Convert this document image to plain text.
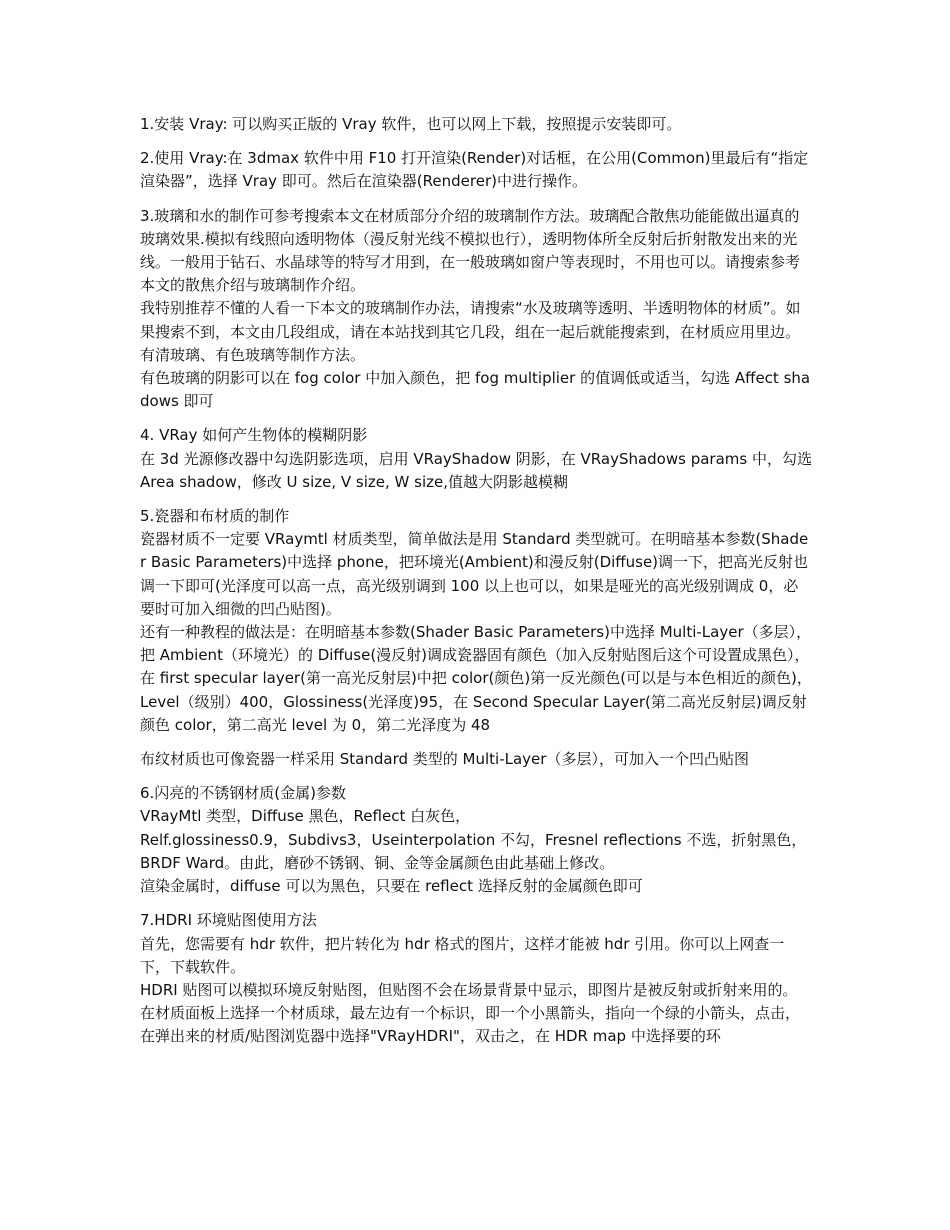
1.安装 Vray: 可以购买正版的 Vray 软件，也可以网上下载，按照提示安装即可。

2.使用 Vray:在 3dmax 软件中用 F10 打开渲染(Render)对话框，在公用(Common)里最后有“指定渲染器”，选择 Vray 即可。然后在渲染器(Renderer)中进行操作。

3.玻璃和水的制作可参考搜索本文在材质部分介绍的玻璃制作方法。玻璃配合散焦功能能做出逼真的玻璃效果.模拟有线照向透明物体（漫反射光线不模拟也行），透明物体所全反射后折射散发出来的光线。一般用于钻石、水晶球等的特写才用到，在一般玻璃如窗户等表现时，不用也可以。请搜索参考本文的散焦介绍与玻璃制作介绍。

我特别推荐不懂的人看一下本文的玻璃制作办法，请搜索“水及玻璃等透明、半透明物体的材质”。如果搜索不到，本文由几段组成，请在本站找到其它几段，组在一起后就能搜索到，在材质应用里边。有清玻璃、有色玻璃等制作方法。

有色玻璃的阴影可以在 fog color 中加入颜色，把 fog multiplier 的值调低或适当，勾选 Affect shadows 即可

4. VRay 如何产生物体的模糊阴影

在 3d 光源修改器中勾选阴影选项，启用 VRayShadow 阴影，在 VRayShadows params 中，勾选 Area shadow，修改 U size, V size, W size,值越大阴影越模糊

5.瓷器和布材质的制作

瓷器材质不一定要 VRaymtl 材质类型，简单做法是用 Standard 类型就可。在明暗基本参数(Shader Basic Parameters)中选择 phone，把环境光(Ambient)和漫反射(Diffuse)调一下，把高光反射也调一下即可(光泽度可以高一点，高光级别调到 100 以上也可以，如果是哑光的高光级别调成 0，必要时可加入细微的凹凸贴图)。

还有一种教程的做法是：在明暗基本参数(Shader Basic Parameters)中选择 Multi-Layer（多层），把 Ambient（环境光）的 Diffuse(漫反射)调成瓷器固有颜色（加入反射贴图后这个可设置成黑色），在 first specular layer(第一高光反射层)中把 color(颜色)第一反光颜色(可以是与本色相近的颜色)，Level（级别）400，Glossiness(光泽度)95，在 Second Specular Layer(第二高光反射层)调反射颜色 color，第二高光 level 为 0，第二光泽度为 48

布纹材质也可像瓷器一样采用 Standard 类型的 Multi-Layer（多层），可加入一个凹凸贴图

6.闪亮的不锈钢材质(金属)参数

VRayMtl 类型，Diffuse 黑色，Reflect 白灰色，

Relf.glossiness0.9，Subdivs3，Useinterpolation 不勾，Fresnel reflections 不选，折射黑色，BRDF Ward。由此，磨砂不锈钢、铜、金等金属颜色由此基础上修改。

渲染金属时，diffuse 可以为黑色，只要在 reflect 选择反射的金属颜色即可

7.HDRI 环境贴图使用方法

首先，您需要有 hdr 软件，把片转化为 hdr 格式的图片，这样才能被 hdr 引用。你可以上网查一下，下载软件。

HDRI 贴图可以模拟环境反射贴图，但贴图不会在场景背景中显示，即图片是被反射或折射来用的。

在材质面板上选择一个材质球，最左边有一个标识，即一个小黑箭头，指向一个绿的小箭头，点击，在弹出来的材质/贴图浏览器中选择"VRayHDRI"，双击之，在 HDR map 中选择要的环
